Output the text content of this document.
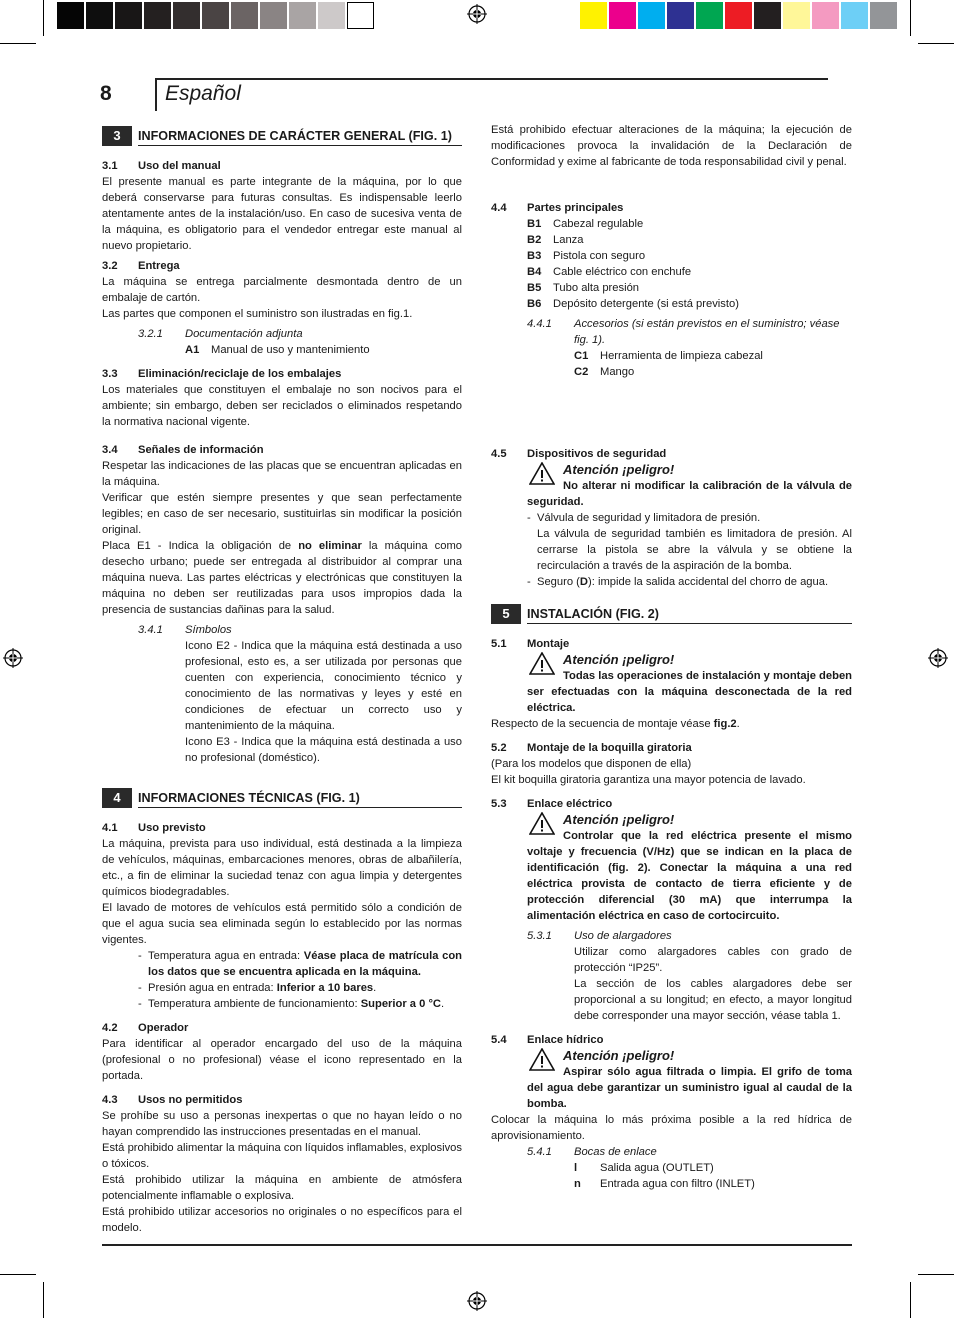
8	Español
3	INFORMACIONES DE CARÁCTER GENERAL (FIG. 1)
3.1	Uso del manual

El presente manual es parte integrante de la máquina, por lo que deberá conservarse para futuras consultas. Es indispensable leerlo atentamente antes de la instalación/uso. En caso de sucesiva venta de la máquina, es obligatorio para el vendedor entregar este manual al nuevo propietario.

3.2	Entrega

La máquina se entrega parcialmente desmontada dentro de un embalaje de cartón.

Las partes que componen el suministro son ilustradas en fig.1.

3.2.1	Documentación adjunta
A1	Manual de uso y mantenimiento
3.3	Eliminación/reciclaje de los embalajes

Los materiales que constituyen el embalaje no son nocivos para el ambiente; sin embargo, deben ser reciclados o eliminados respetando la normativa nacional vigente.

3.4	Señales de información

Respetar las indicaciones de las placas que se encuentran aplicadas en la máquina.

Verificar que estén siempre presentes y que sean perfectamente legibles; en caso de ser necesario, sustituirlas sin modificar la posición original.

Placa E1 - Indica la obligación de no eliminar la máquina como desecho urbano; puede ser entregada al distribuidor al comprar una máquina nueva. Las partes eléctricas y electrónicas que constituyen la máquina no deben ser reutilizadas para usos impropios dada la presencia de sustancias dañinas para la salud.

3.4.1	Símbolos

Icono E2 - Indica que la máquina está destinada a uso profesional, esto es, a ser utilizada por personas que cuenten con experiencia, conocimiento técnico y conocimiento de las normativas y leyes y esté en condiciones de efectuar un correcto uso y mantenimiento de la máquina.

Icono E3 - Indica que la máquina está destinada a uso no profesional (doméstico).

4	INFORMACIONES TÉCNICAS (FIG. 1)
4.1	Uso previsto

La máquina, prevista para uso individual, está destinada a la limpieza de vehículos, máquinas, embarcaciones menores, obras de albañilería, etc., a fin de eliminar la suciedad tenaz con agua limpia y detergentes químicos biodegradables.

El lavado de motores de vehículos está permitido sólo a condición de que el agua sucia sea eliminada según lo establecido por las normas vigentes.

- Temperatura agua en entrada: Véase placa de matrícula con los datos que se encuentra aplicada en la máquina.

- Presión agua en entrada: Inferior a 10 bares.

- Temperatura ambiente de funcionamiento: Superior a 0 °C.

4.2	Operador

Para identificar al operador encargado del uso de la máquina (profesional o no profesional) véase el icono representado en la portada.

4.3	Usos no permitidos

Se prohíbe su uso a personas inexpertas o que no hayan leído o no hayan comprendido las instrucciones presentadas en el manual.

Está prohibido alimentar la máquina con líquidos inflamables, explosivos o tóxicos.

Está prohibido utilizar la máquina en ambiente de atmósfera potencialmente inflamable o explosiva.

Está prohibido utilizar accesorios no originales o no específicos para el modelo.

Está prohibido efectuar alteraciones de la máquina; la ejecución de modificaciones provoca la invalidación de la Declaración de Conformidad y exime al fabricante de toda responsabilidad civil y penal.

4.4	Partes principales
B1	Cabezal regulable
B2	Lanza
B3	Pistola con seguro
B4	Cable eléctrico con enchufe
B5	Tubo alta presión
B6	Depósito detergente (si está previsto)
4.4.1	Accesorios (si están previstos en el suministro; véase fig. 1).
C1	Herramienta de limpieza cabezal
C2	Mango
4.5	Dispositivos de seguridad
Atención ¡peligro!

No alterar ni modificar la calibración de la válvula de seguridad.

- Válvula de seguridad y limitadora de presión.

La válvula de seguridad también es limitadora de presión. Al cerrarse la pistola se abre la válvula y se obtiene la recirculación a través de la aspiración de la bomba.

- Seguro (D): impide la salida accidental del chorro de agua.

5	INSTALACIÓN (FIG. 2)
5.1	Montaje
Atención ¡peligro!

Todas las operaciones de instalación y montaje deben ser efectuadas con la máquina desconectada de la red eléctrica.

Respecto de la secuencia de montaje véase fig.2.

5.2	Montaje de la boquilla giratoria

(Para los modelos que disponen de ella)

El kit boquilla giratoria garantiza una mayor potencia de lavado.

5.3	Enlace eléctrico
Atención ¡peligro!

Controlar que la red eléctrica presente el mismo voltaje y frecuencia (V/Hz) que se indican en la placa de identificación (fig. 2). Conectar la máquina a una red eléctrica provista de contacto de tierra eficiente y de protección diferencial (30 mA) que interrumpa la alimentación eléctrica en caso de cortocircuito.

5.3.1	Uso de alargadores

Utilizar como alargadores cables con grado de protección “IP25”.

La sección de los cables alargadores debe ser proporcional a su longitud; en efecto, a mayor longitud debe corresponder una mayor sección, véase tabla 1.

5.4	Enlace hídrico
Atención ¡peligro!

Aspirar sólo agua filtrada o limpia. El grifo de toma del agua debe garantizar un suministro igual al caudal de la bomba.

Colocar la máquina lo más próxima posible a la red hídrica de aprovisionamiento.

5.4.1	Bocas de enlace
l	Salida agua (OUTLET)
n	Entrada agua con filtro (INLET)
